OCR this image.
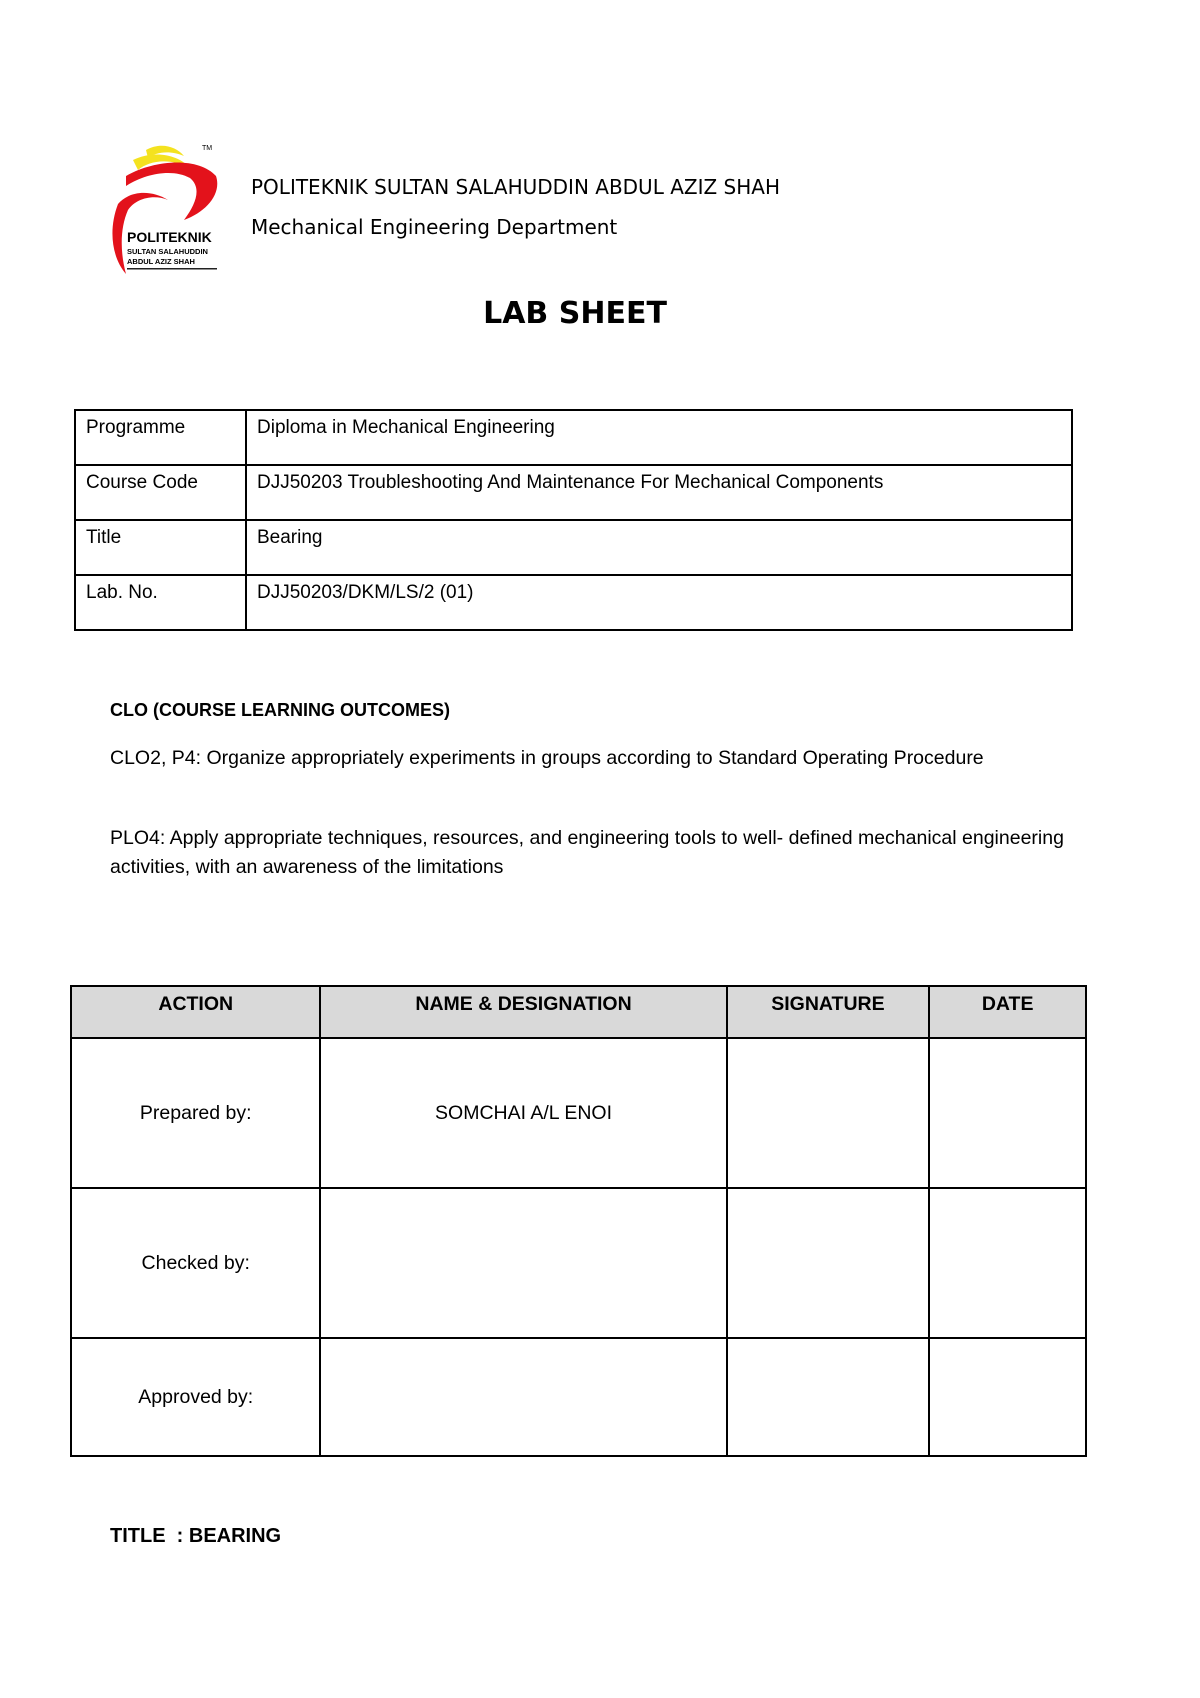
TM
POLITEKNIK
SULTAN SALAHUDDIN
ABDUL AZIZ SHAH
POLITEKNIK SULTAN SALAHUDDIN ABDUL AZIZ SHAH
Mechanical Engineering Department
LAB SHEET
Programme	Diploma in Mechanical Engineering
Course Code	DJJ50203 Troubleshooting And Maintenance For Mechanical Components
Title	Bearing
Lab. No.	DJJ50203/DKM/LS/2 (01)
CLO (COURSE LEARNING OUTCOMES)
CLO2, P4: Organize appropriately experiments in groups according to Standard Operating Procedure
PLO4: Apply appropriate techniques, resources, and engineering tools to well- defined mechanical engineering activities, with an awareness of the limitations
ACTION	NAME & DESIGNATION	SIGNATURE	DATE
Prepared by:	SOMCHAI A/L ENOI		
Checked by:			
Approved by:			
TITLE  : BEARING
